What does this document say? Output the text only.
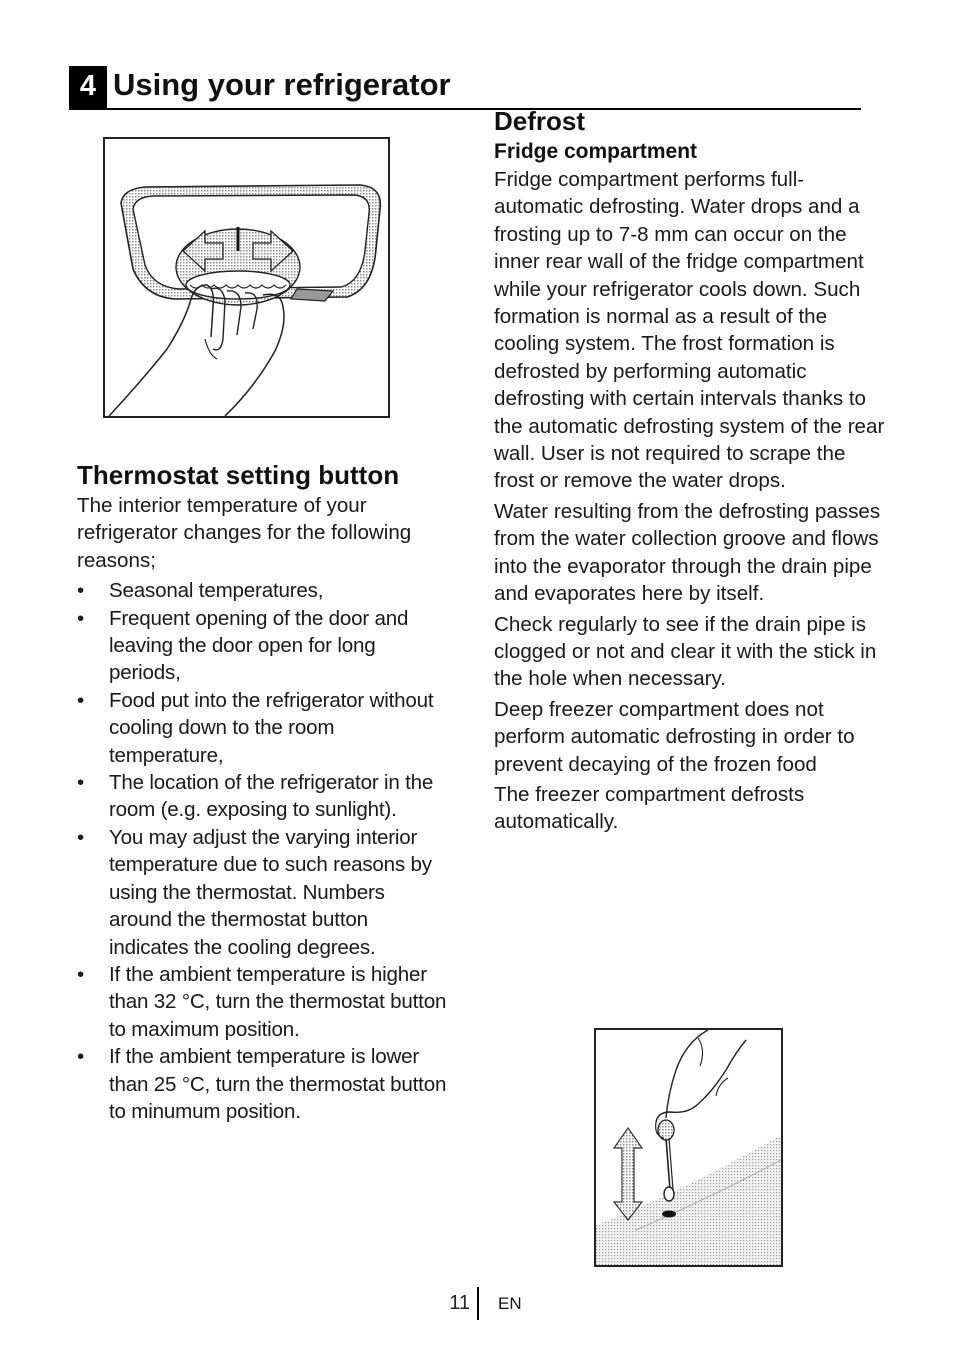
4 Using your refrigerator
Thermostat setting button

The interior temperature of your refrigerator changes for the following reasons;

• Seasonal temperatures,
• Frequent opening of the door and leaving the door open for long periods,
• Food put into the refrigerator without cooling down to the room temperature,
• The location of the refrigerator in the room (e.g. exposing to sunlight).
• You may adjust the varying interior temperature due to such reasons by using the thermostat. Numbers around the thermostat button indicates the cooling degrees.
• If the ambient temperature is higher than 32 °C, turn the thermostat button to maximum position.
• If the ambient temperature is lower than 25 °C, turn the thermostat button to minumum position.
Defrost
Fridge compartment

Fridge compartment performs full-automatic defrosting. Water drops and a frosting up to 7-8 mm can occur on the inner rear wall of the fridge compartment while your refrigerator cools down. Such formation is normal as a result of the cooling system. The frost formation is defrosted by performing automatic defrosting with certain intervals thanks to the automatic defrosting system of the rear wall. User is not required to scrape the frost or remove the water drops.

Water resulting from the defrosting passes from the water collection groove and flows into the evaporator through the drain pipe and evaporates here by itself.

Check regularly to see if the drain pipe is clogged or not and clear it with the stick in the hole when necessary.

Deep freezer compartment does not perform automatic defrosting in order to prevent decaying of the frozen food

The freezer compartment defrosts automatically.

11 EN
